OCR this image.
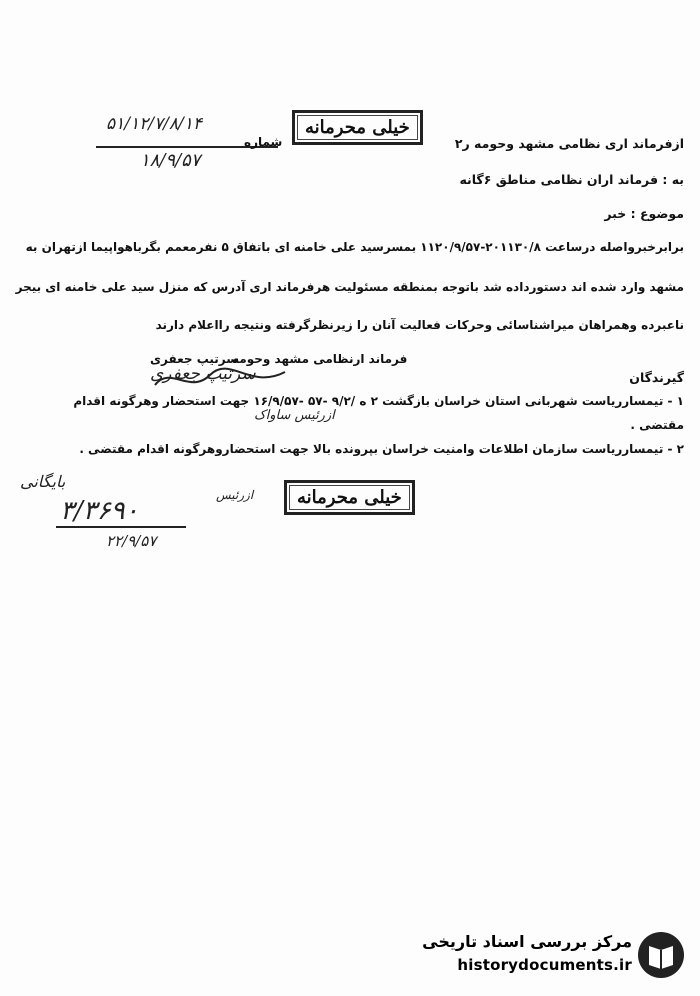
خیلی محرمانه
۵۱/۱۲/۷/۸/۱۴
۱۸/۹/۵۷
شماره	ازفرماند اری نظامی مشهد وحومه ر۲
به : فرماند اران نظامی مناطق ۶گانه
موضوع : خبر
برابرخبرواصله درساعت ۲۰۱۱۳۰/۸-۱۱۲۰/۹/۵۷ بمسرسید علی خامنه ای باتفاق ۵ نفرمعمم بگرباهواپیما ازتهران به
مشهد وارد شده اند دستورداده شد باتوجه بمنطقه مسئولیت هرفرماند اری آدرس که منزل سید علی خامنه ای بیجر
ناعبرده وهمراهان میراشناسائی وحرکات فعالیت آنان را زیرنظرگرفته ونتیجه رااعلام دارند
فرماند ارنظامی مشهد وحومه
سرتیپ جعفری
سرتیپ جعفری	گیرندگان
۱ - تیمسارریاست شهربانی استان خراسان بازگشت ۲ ه /۹/۲ -۵۷ -۱۶/۹/۵۷ جهت استحضار وهرگونه اقدام
ازرئیس ساواک
مقتضی .
۲ - تیمسارریاست سازمان اطلاعات وامنیت خراسان بپرونده بالا جهت استحضاروهرگونه اقدام مقتضی .
بایگانی
۳/۳۶۹۰
۲۲/۹/۵۷
ازرئیس	خیلی محرمانه
مرکز بررسی اسناد تاریخی
historydocuments.ir
